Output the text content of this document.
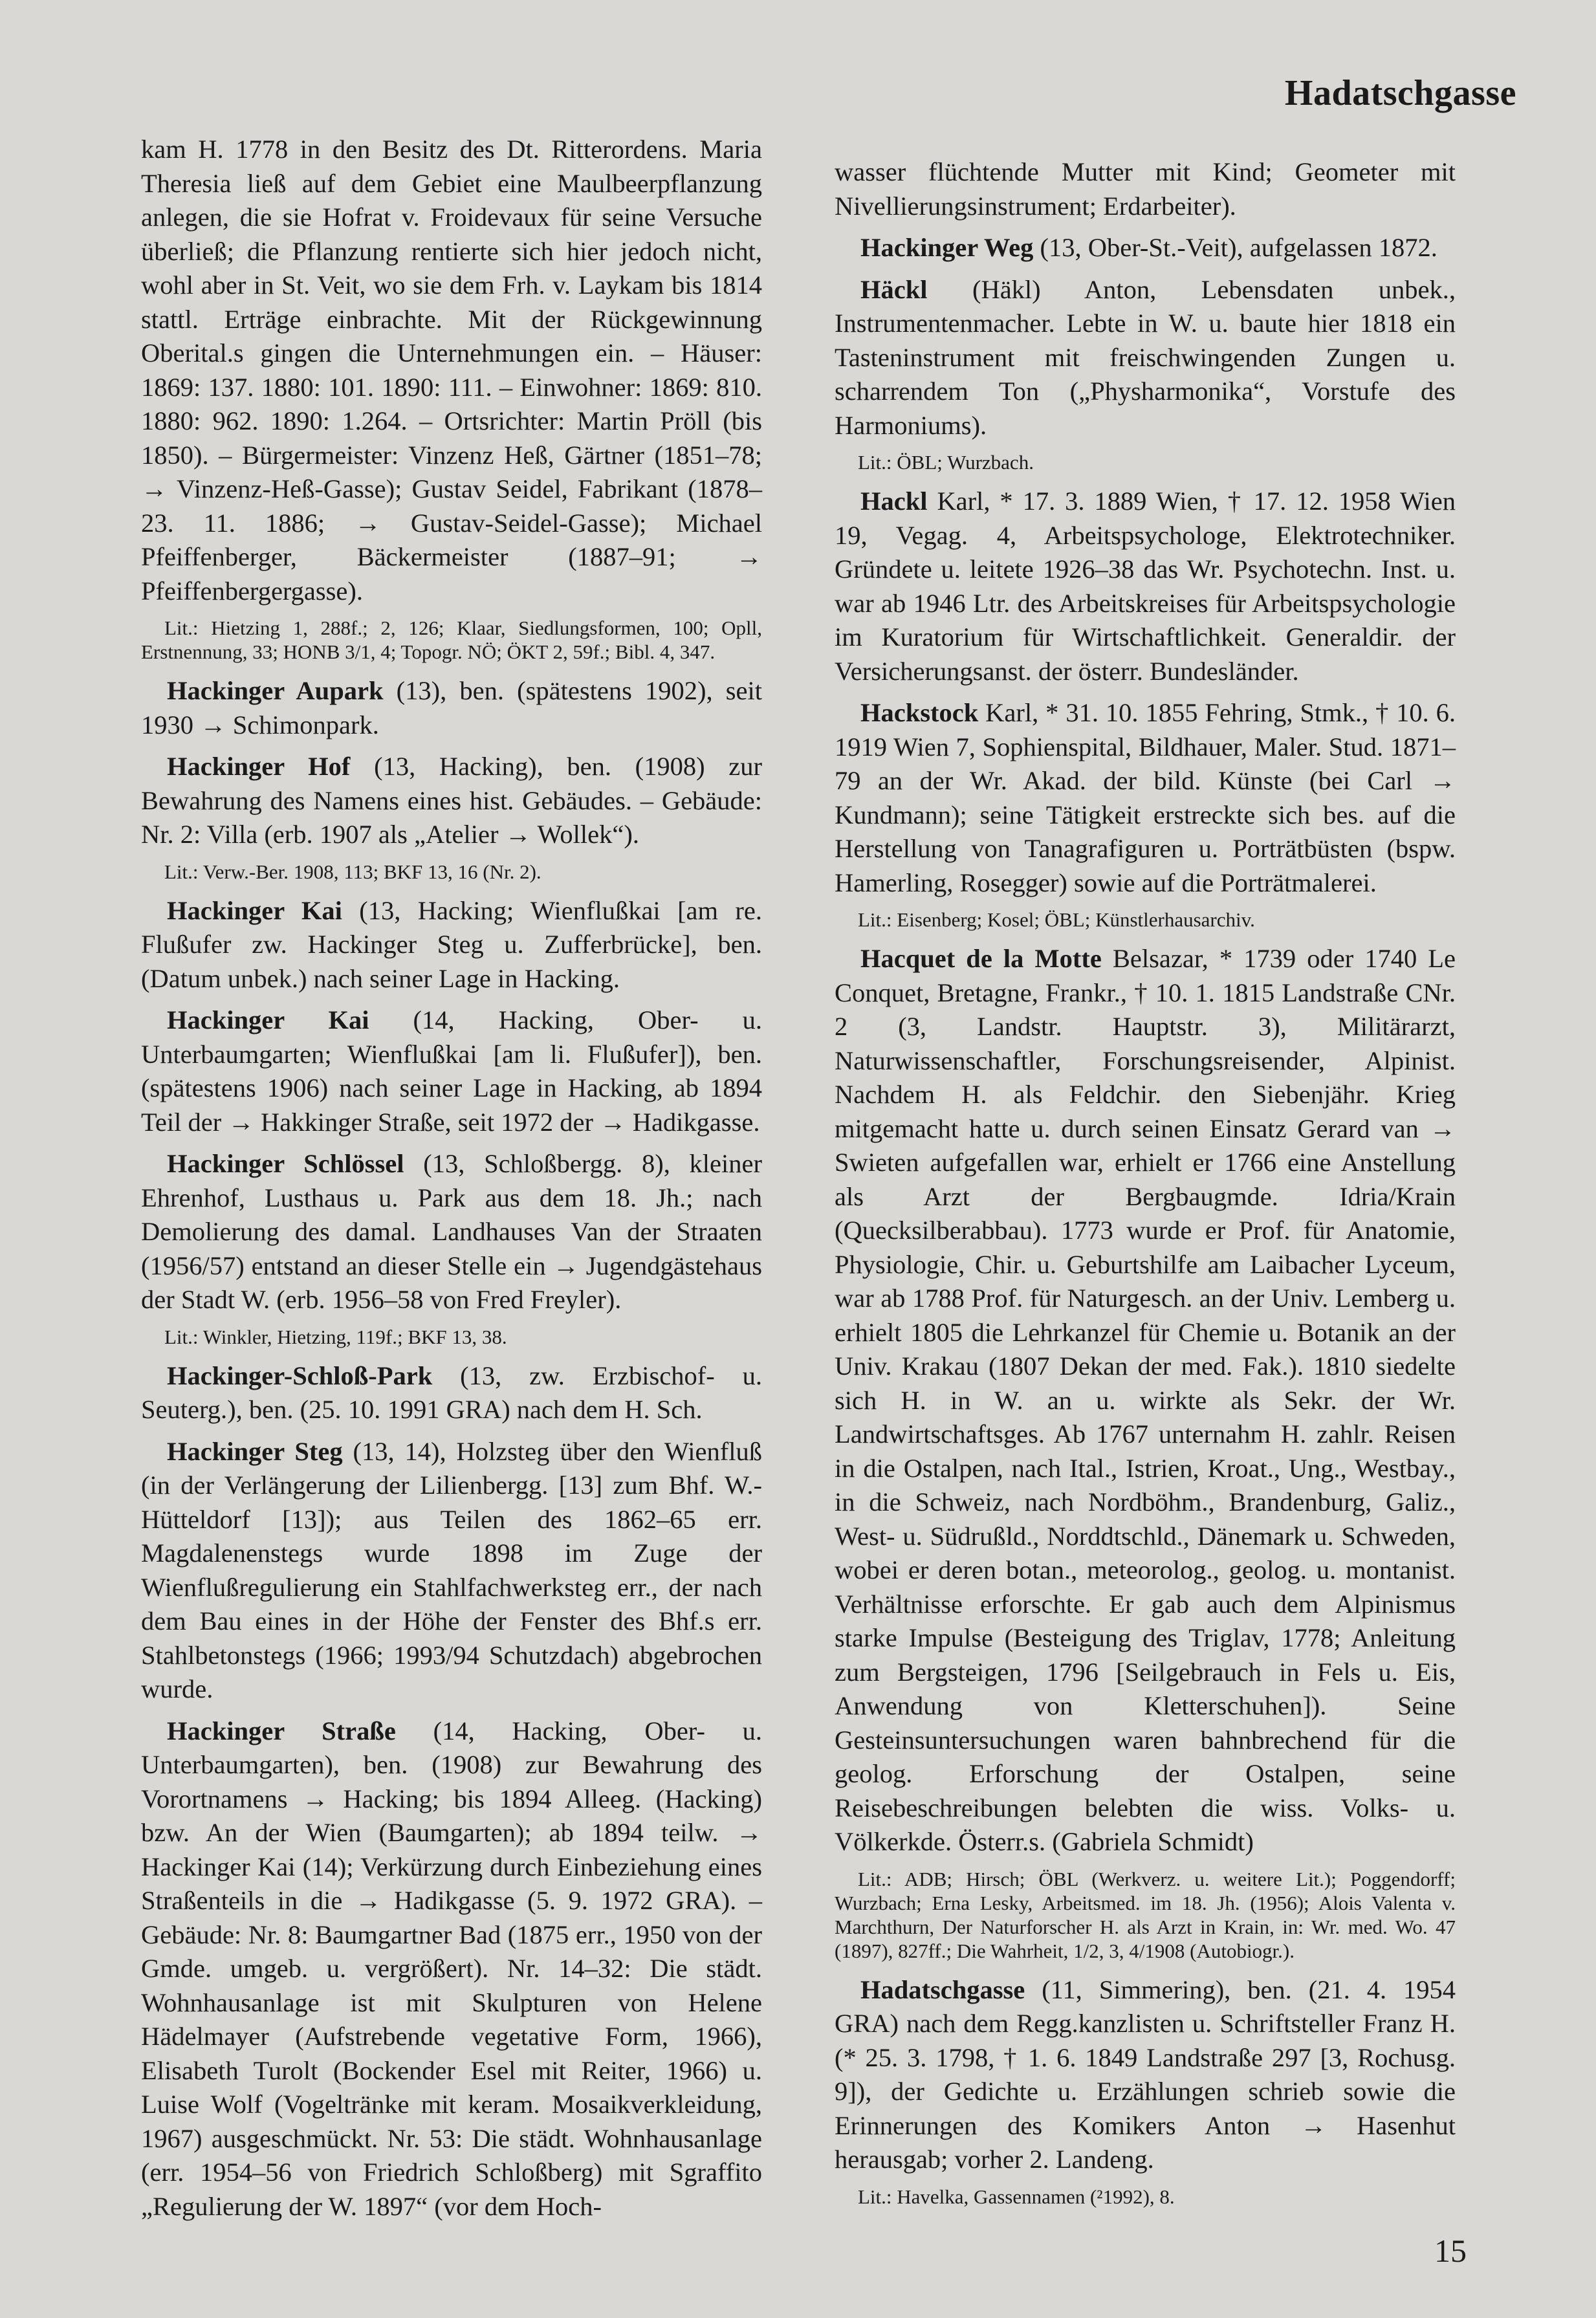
Hadatschgasse
kam H. 1778 in den Besitz des Dt. Ritterordens. Maria Theresia ließ auf dem Gebiet eine Maulbeerpflanzung anlegen, die sie Hofrat v. Froidevaux für seine Versuche überließ; die Pflanzung rentierte sich hier jedoch nicht, wohl aber in St. Veit, wo sie dem Frh. v. Laykam bis 1814 stattl. Erträge einbrachte. Mit der Rückgewinnung Oberital.s gingen die Unternehmungen ein. – Häuser: 1869: 137. 1880: 101. 1890: 111. – Einwohner: 1869: 810. 1880: 962. 1890: 1.264. – Ortsrichter: Martin Pröll (bis 1850). – Bürgermeister: Vinzenz Heß, Gärtner (1851–78; → Vinzenz-Heß-Gasse); Gustav Seidel, Fabrikant (1878–23. 11. 1886; → Gustav-Seidel-Gasse); Michael Pfeiffenberger, Bäckermeister (1887–91; → Pfeiffenbergergasse).
Lit.: Hietzing 1, 288f.; 2, 126; Klaar, Siedlungsformen, 100; Opll, Erstnennung, 33; HONB 3/1, 4; Topogr. NÖ; ÖKT 2, 59f.; Bibl. 4, 347.
Hackinger Aupark (13), ben. (spätestens 1902), seit 1930 → Schimonpark.
Hackinger Hof (13, Hacking), ben. (1908) zur Bewahrung des Namens eines hist. Gebäudes. – Gebäude: Nr. 2: Villa (erb. 1907 als „Atelier → Wollek“).
Lit.: Verw.-Ber. 1908, 113; BKF 13, 16 (Nr. 2).
Hackinger Kai (13, Hacking; Wienflußkai [am re. Flußufer zw. Hackinger Steg u. Zufferbrücke], ben. (Datum unbek.) nach seiner Lage in Hacking.
Hackinger Kai (14, Hacking, Ober- u. Unterbaumgarten; Wienflußkai [am li. Flußufer]), ben. (spätestens 1906) nach seiner Lage in Hacking, ab 1894 Teil der → Hakkinger Straße, seit 1972 der → Hadikgasse.
Hackinger Schlössel (13, Schloßbergg. 8), kleiner Ehrenhof, Lusthaus u. Park aus dem 18. Jh.; nach Demolierung des damal. Landhauses Van der Straaten (1956/57) entstand an dieser Stelle ein → Jugendgästehaus der Stadt W. (erb. 1956–58 von Fred Freyler).
Lit.: Winkler, Hietzing, 119f.; BKF 13, 38.
Hackinger-Schloß-Park (13, zw. Erzbischof- u. Seuterg.), ben. (25. 10. 1991 GRA) nach dem H. Sch.
Hackinger Steg (13, 14), Holzsteg über den Wienfluß (in der Verlängerung der Lilienbergg. [13] zum Bhf. W.-Hütteldorf [13]); aus Teilen des 1862–65 err. Magdalenenstegs wurde 1898 im Zuge der Wienflußregulierung ein Stahlfachwerksteg err., der nach dem Bau eines in der Höhe der Fenster des Bhf.s err. Stahlbetonstegs (1966; 1993/94 Schutzdach) abgebrochen wurde.
Hackinger Straße (14, Hacking, Ober- u. Unterbaumgarten), ben. (1908) zur Bewahrung des Vorortnamens → Hacking; bis 1894 Alleeg. (Hacking) bzw. An der Wien (Baumgarten); ab 1894 teilw. → Hackinger Kai (14); Verkürzung durch Einbeziehung eines Straßenteils in die → Hadikgasse (5. 9. 1972 GRA). – Gebäude: Nr. 8: Baumgartner Bad (1875 err., 1950 von der Gmde. umgeb. u. vergrößert). Nr. 14–32: Die städt. Wohnhausanlage ist mit Skulpturen von Helene Hädelmayer (Aufstrebende vegetative Form, 1966), Elisabeth Turolt (Bockender Esel mit Reiter, 1966) u. Luise Wolf (Vogeltränke mit keram. Mosaikverkleidung, 1967) ausgeschmückt. Nr. 53: Die städt. Wohnhausanlage (err. 1954–56 von Friedrich Schloßberg) mit Sgraffito „Regulierung der W. 1897“ (vor dem Hoch-
wasser flüchtende Mutter mit Kind; Geometer mit Nivellierungsinstrument; Erdarbeiter).
Hackinger Weg (13, Ober-St.-Veit), aufgelassen 1872.
Häckl (Häkl) Anton, Lebensdaten unbek., Instrumentenmacher. Lebte in W. u. baute hier 1818 ein Tasteninstrument mit freischwingenden Zungen u. scharrendem Ton („Physharmonika“, Vorstufe des Harmoniums).
Lit.: ÖBL; Wurzbach.
Hackl Karl, * 17. 3. 1889 Wien, † 17. 12. 1958 Wien 19, Vegag. 4, Arbeitspsychologe, Elektrotechniker. Gründete u. leitete 1926–38 das Wr. Psychotechn. Inst. u. war ab 1946 Ltr. des Arbeitskreises für Arbeitspsychologie im Kuratorium für Wirtschaftlichkeit. Generaldir. der Versicherungsanst. der österr. Bundesländer.
Hackstock Karl, * 31. 10. 1855 Fehring, Stmk., † 10. 6. 1919 Wien 7, Sophienspital, Bildhauer, Maler. Stud. 1871–79 an der Wr. Akad. der bild. Künste (bei Carl → Kundmann); seine Tätigkeit erstreckte sich bes. auf die Herstellung von Tanagrafiguren u. Porträtbüsten (bspw. Hamerling, Rosegger) sowie auf die Porträtmalerei.
Lit.: Eisenberg; Kosel; ÖBL; Künstlerhausarchiv.
Hacquet de la Motte Belsazar, * 1739 oder 1740 Le Conquet, Bretagne, Frankr., † 10. 1. 1815 Landstraße CNr. 2 (3, Landstr. Hauptstr. 3), Militärarzt, Naturwissenschaftler, Forschungsreisender, Alpinist. Nachdem H. als Feldchir. den Siebenjähr. Krieg mitgemacht hatte u. durch seinen Einsatz Gerard van → Swieten aufgefallen war, erhielt er 1766 eine Anstellung als Arzt der Bergbaugmde. Idria/Krain (Quecksilberabbau). 1773 wurde er Prof. für Anatomie, Physiologie, Chir. u. Geburtshilfe am Laibacher Lyceum, war ab 1788 Prof. für Naturgesch. an der Univ. Lemberg u. erhielt 1805 die Lehrkanzel für Chemie u. Botanik an der Univ. Krakau (1807 Dekan der med. Fak.). 1810 siedelte sich H. in W. an u. wirkte als Sekr. der Wr. Landwirtschaftsges. Ab 1767 unternahm H. zahlr. Reisen in die Ostalpen, nach Ital., Istrien, Kroat., Ung., Westbay., in die Schweiz, nach Nordböhm., Brandenburg, Galiz., West- u. Südrußld., Norddtschld., Dänemark u. Schweden, wobei er deren botan., meteorolog., geolog. u. montanist. Verhältnisse erforschte. Er gab auch dem Alpinismus starke Impulse (Besteigung des Triglav, 1778; Anleitung zum Bergsteigen, 1796 [Seilgebrauch in Fels u. Eis, Anwendung von Kletterschuhen]). Seine Gesteinsuntersuchungen waren bahnbrechend für die geolog. Erforschung der Ostalpen, seine Reisebeschreibungen belebten die wiss. Volks- u. Völkerkde. Österr.s. (Gabriela Schmidt)
Lit.: ADB; Hirsch; ÖBL (Werkverz. u. weitere Lit.); Poggendorff; Wurzbach; Erna Lesky, Arbeitsmed. im 18. Jh. (1956); Alois Valenta v. Marchthurn, Der Naturforscher H. als Arzt in Krain, in: Wr. med. Wo. 47 (1897), 827ff.; Die Wahrheit, 1/2, 3, 4/1908 (Autobiogr.).
Hadatschgasse (11, Simmering), ben. (21. 4. 1954 GRA) nach dem Regg.kanzlisten u. Schriftsteller Franz H. (* 25. 3. 1798, † 1. 6. 1849 Landstraße 297 [3, Rochusg. 9]), der Gedichte u. Erzählungen schrieb sowie die Erinnerungen des Komikers Anton → Hasenhut herausgab; vorher 2. Landeng.
Lit.: Havelka, Gassennamen (²1992), 8.
15
